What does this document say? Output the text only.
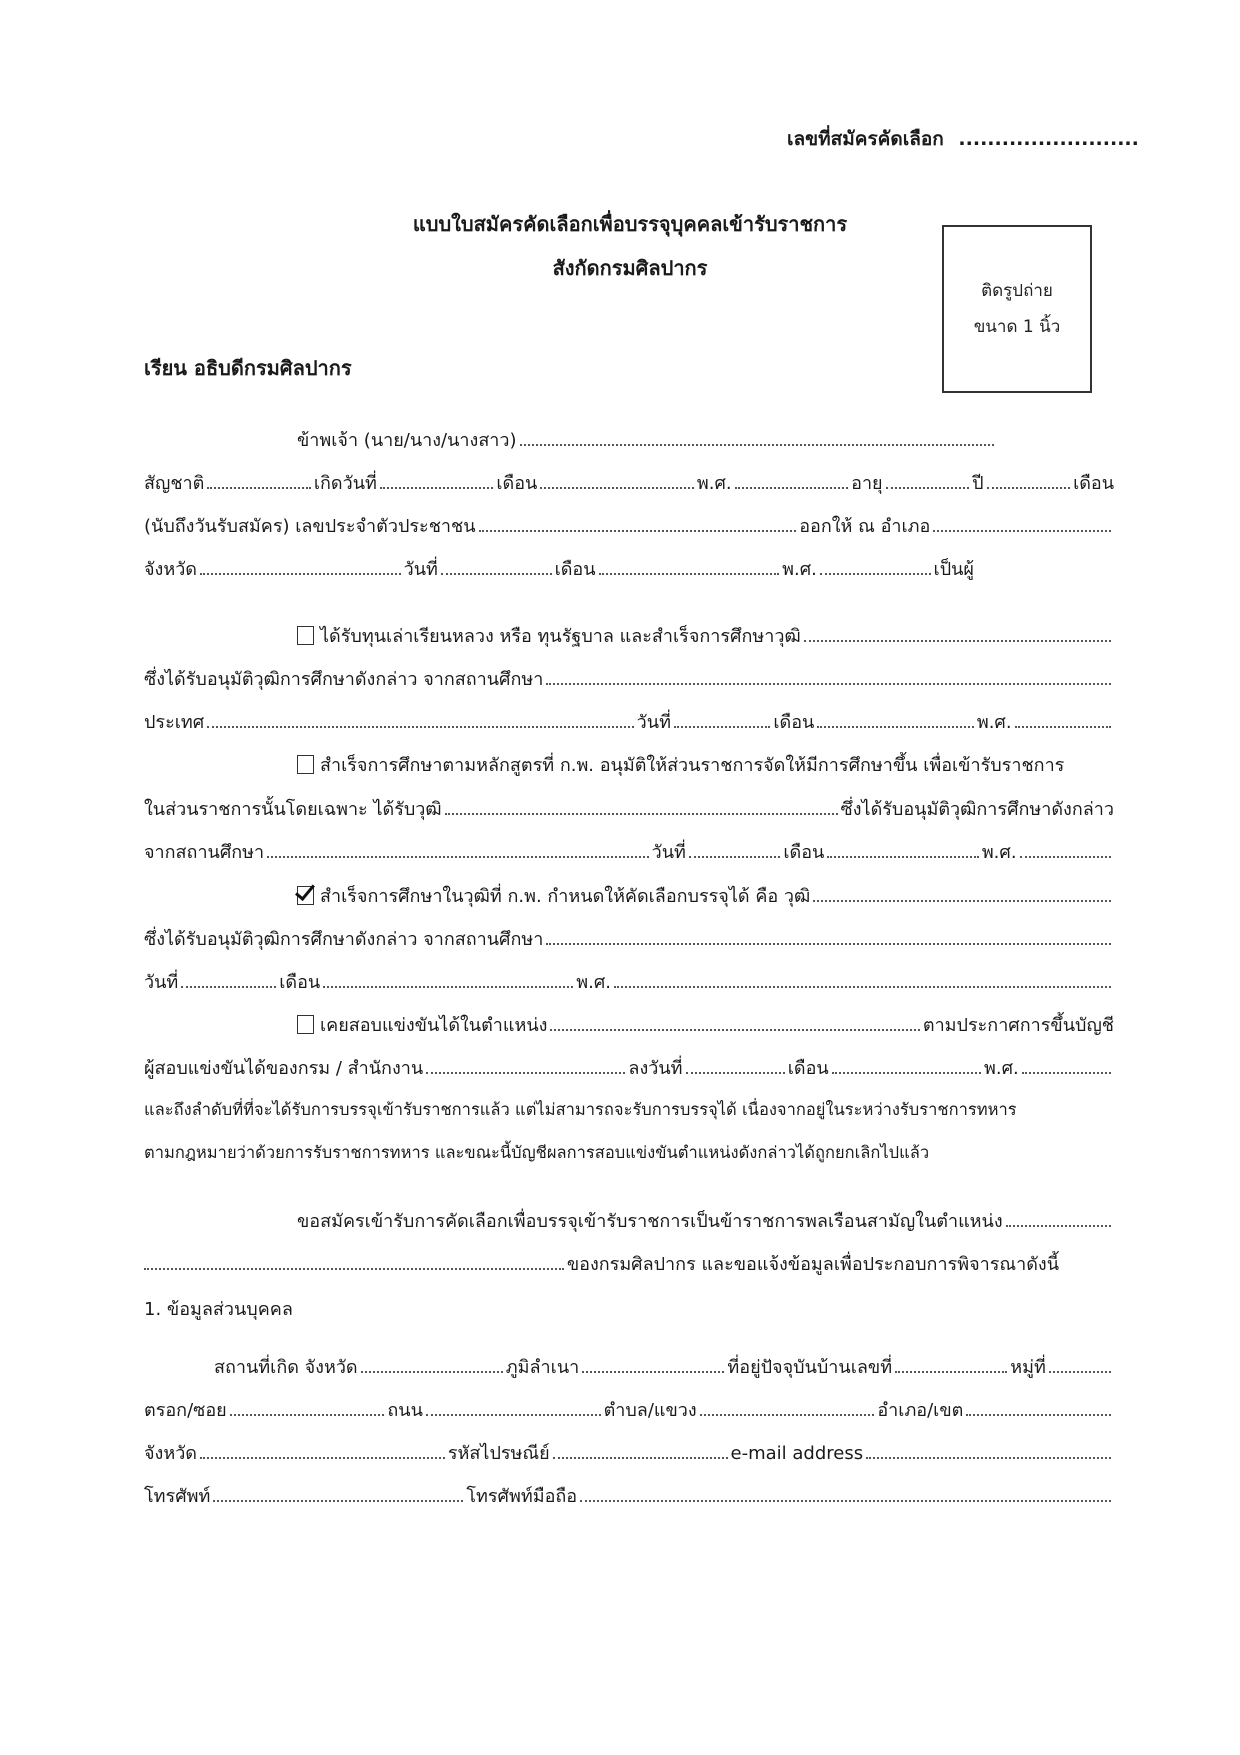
เลขที่สมัครคัดเลือก .........................
แบบใบสมัครคัดเลือกเพื่อบรรจุบุคคลเข้ารับราชการ
สังกัดกรมศิลปากร
ติดรูปถ่าย
ขนาด 1 นิ้ว
เรียน อธิบดีกรมศิลปากร
ข้าพเจ้า (นาย/นาง/นางสาว)
สัญชาติ	เกิดวันที่	เดือน	พ.ศ.	อายุ	ปี	เดือน
(นับถึงวันรับสมัคร) เลขประจำตัวประชาชน	ออกให้ ณ อำเภอ
จังหวัด	วันที่	เดือน	พ.ศ.	เป็นผู้
ได้รับทุนเล่าเรียนหลวง หรือ ทุนรัฐบาล และสำเร็จการศึกษาวุฒิ
ซึ่งได้รับอนุมัติวุฒิการศึกษาดังกล่าว จากสถานศึกษา
ประเทศ	วันที่	เดือน	พ.ศ.
สำเร็จการศึกษาตามหลักสูตรที่ ก.พ. อนุมัติให้ส่วนราชการจัดให้มีการศึกษาขึ้น เพื่อเข้ารับราชการ
ในส่วนราชการนั้นโดยเฉพาะ ได้รับวุฒิ	ซึ่งได้รับอนุมัติวุฒิการศึกษาดังกล่าว
จากสถานศึกษา	วันที่	เดือน	พ.ศ.
สำเร็จการศึกษาในวุฒิที่ ก.พ. กำหนดให้คัดเลือกบรรจุได้ คือ วุฒิ
ซึ่งได้รับอนุมัติวุฒิการศึกษาดังกล่าว จากสถานศึกษา
วันที่	เดือน	พ.ศ.
เคยสอบแข่งขันได้ในตำแหน่ง	ตามประกาศการขึ้นบัญชี
ผู้สอบแข่งขันได้ของกรม / สำนักงาน	ลงวันที่	เดือน	พ.ศ.
และถึงลำดับที่ที่จะได้รับการบรรจุเข้ารับราชการแล้ว แต่ไม่สามารถจะรับการบรรจุได้ เนื่องจากอยู่ในระหว่างรับราชการทหาร
ตามกฎหมายว่าด้วยการรับราชการทหาร และขณะนี้บัญชีผลการสอบแข่งขันตำแหน่งดังกล่าวได้ถูกยกเลิกไปแล้ว
ขอสมัครเข้ารับการคัดเลือกเพื่อบรรจุเข้ารับราชการเป็นข้าราชการพลเรือนสามัญในตำแหน่ง
ของกรมศิลปากร และขอแจ้งข้อมูลเพื่อประกอบการพิจารณาดังนี้
1. ข้อมูลส่วนบุคคล
สถานที่เกิด จังหวัด	ภูมิลำเนา	ที่อยู่ปัจจุบันบ้านเลขที่	หมู่ที่
ตรอก/ซอย	ถนน	ตำบล/แขวง	อำเภอ/เขต
จังหวัด	รหัสไปรษณีย์	e-mail address
โทรศัพท์	โทรศัพท์มือถือ
